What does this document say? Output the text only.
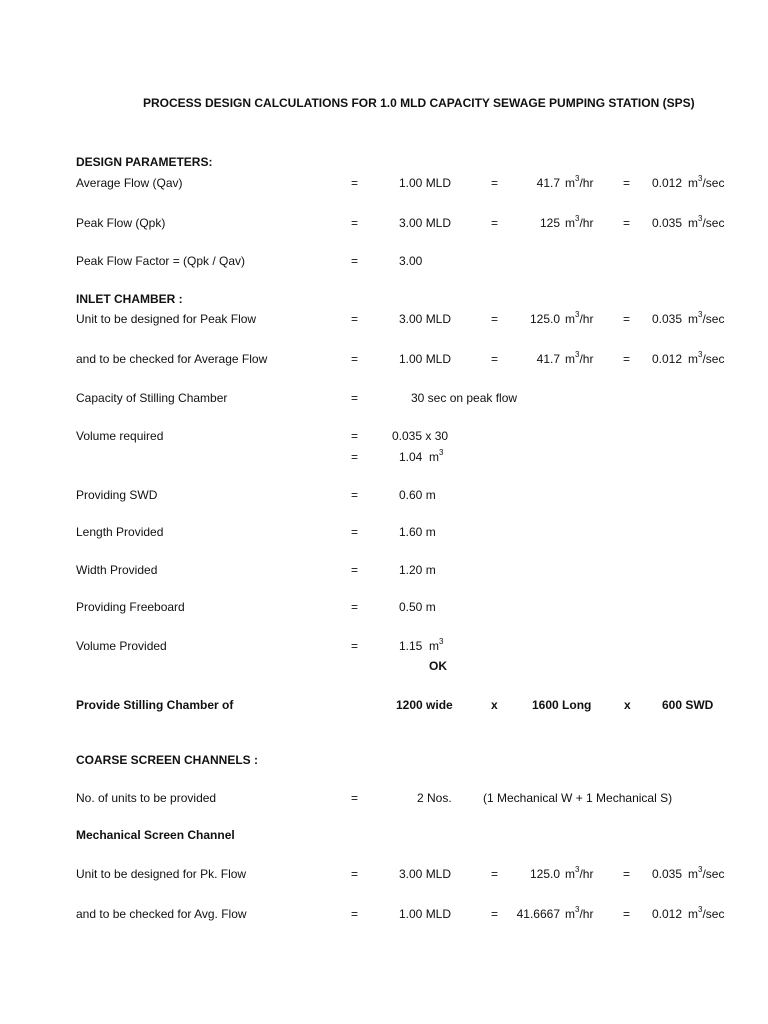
PROCESS DESIGN CALCULATIONS FOR 1.0 MLD CAPACITY SEWAGE PUMPING STATION (SPS)
DESIGN PARAMETERS:
Average Flow (Qav)	=	1.00 MLD	=	41.7 $m^3/hr = 0.012$ $m^3/\sec$
Peak Flow (Qpk)	=	3.00 MLD	=	125 $m^3/hr = 0.035$ $m^3/\sec$
Peak Flow Factor = (Qpk / Qav)	=	3.00
INLET CHAMBER :
Unit to be designed for Peak Flow	=	3.00 MLD	=	125.0 $m^3/hr = 0.035$ $m^3/\sec$
and to be checked for Average Flow	=	1.00 MLD	=	41.7 $m^3/hr = 0.012$ $m^3/\sec$
Capacity of Stilling Chamber	=	30 sec on peak flow
Volume required	=	0.035 x 30
=	1.04 $m^3$
Providing SWD	=	0.60 m
Length Provided	=	1.60 m
Width Provided	=	1.20 m
Providing Freeboard	=	0.50 m
Volume Provided	=	1.15 $m^3$
OK
Provide Stilling Chamber of	1200 wide	x	1600 Long	x	600 SWD
COARSE SCREEN CHANNELS :
No. of units to be provided	=	2 Nos.	(1 Mechanical W + 1 Mechanical S)
Mechanical Screen Channel
Unit to be designed for Pk. Flow	=	3.00 MLD	=	125.0 $m^3/hr = 0.035$ $m^3/\sec$
and to be checked for Avg. Flow	=	1.00 MLD	=	41.6667 $m^3/hr = 0.012$ $m^3/\sec$
